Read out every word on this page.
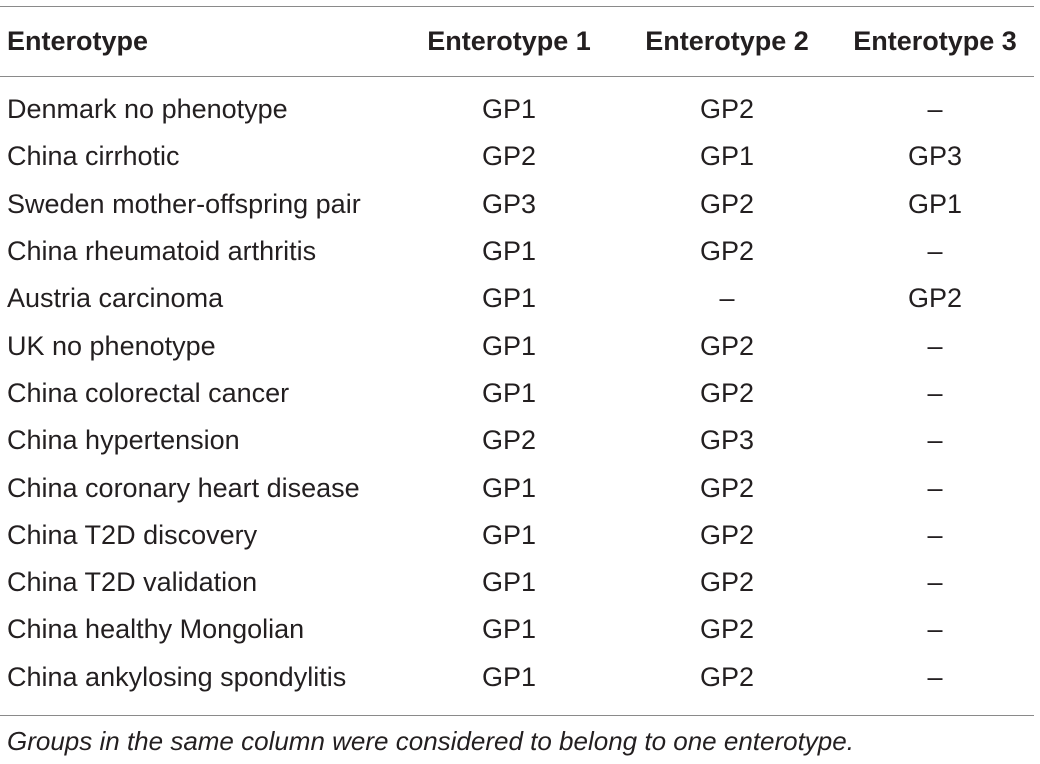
Enterotype	Enterotype 1	Enterotype 2	Enterotype 3
Denmark no phenotype	GP1	GP2	–
China cirrhotic	GP2	GP1	GP3
Sweden mother-offspring pair	GP3	GP2	GP1
China rheumatoid arthritis	GP1	GP2	–
Austria carcinoma	GP1	–	GP2
UK no phenotype	GP1	GP2	–
China colorectal cancer	GP1	GP2	–
China hypertension	GP2	GP3	–
China coronary heart disease	GP1	GP2	–
China T2D discovery	GP1	GP2	–
China T2D validation	GP1	GP2	–
China healthy Mongolian	GP1	GP2	–
China ankylosing spondylitis	GP1	GP2	–
Groups in the same column were considered to belong to one enterotype.
